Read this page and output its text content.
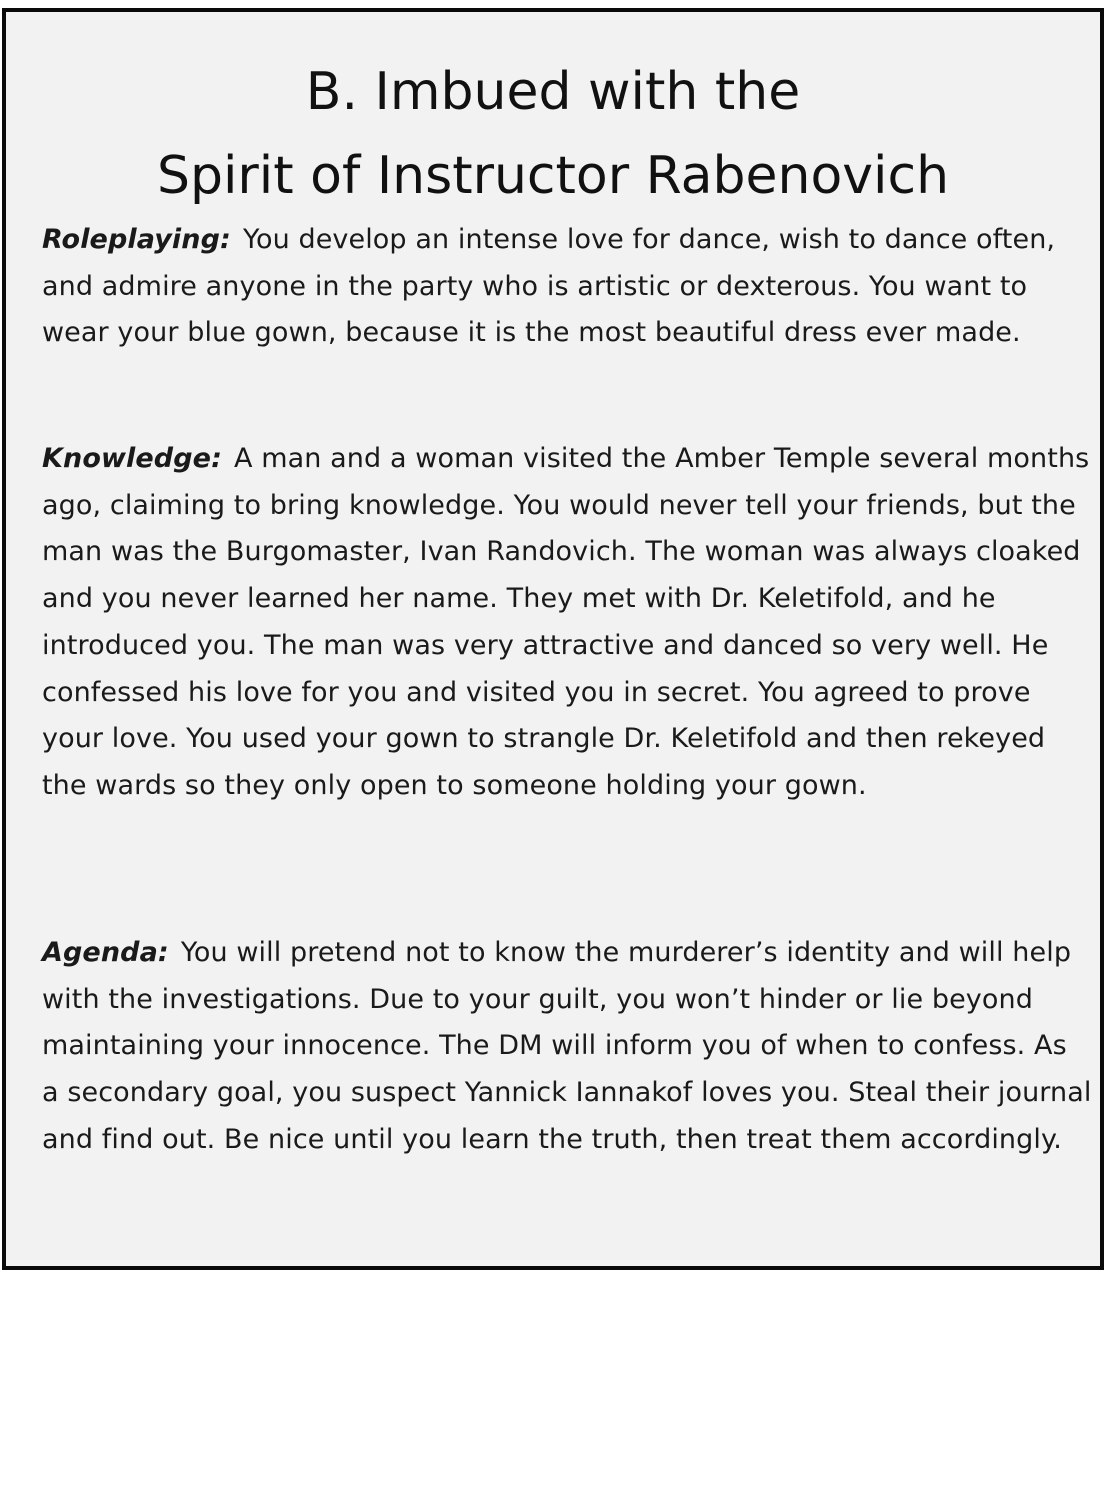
B. Imbued with the
Spirit of Instructor Rabenovich

Roleplaying: You develop an intense love for dance, wish to dance often, and admire anyone in the party who is artistic or dexterous. You want to wear your blue gown, because it is the most beautiful dress ever made.

Knowledge: A man and a woman visited the Amber Temple several months ago, claiming to bring knowledge. You would never tell your friends, but the man was the Burgomaster, Ivan Randovich. The woman was always cloaked and you never learned her name. They met with Dr. Keletifold, and he introduced you. The man was very attractive and danced so very well. He confessed his love for you and visited you in secret. You agreed to prove your love. You used your gown to strangle Dr. Keletifold and then rekeyed the wards so they only open to someone holding your gown.

Agenda: You will pretend not to know the murderer’s identity and will help with the investigations. Due to your guilt, you won’t hinder or lie beyond maintaining your innocence. The DM will inform you of when to confess. As a secondary goal, you suspect Yannick Iannakof loves you. Steal their journal and find out. Be nice until you learn the truth, then treat them accordingly.
